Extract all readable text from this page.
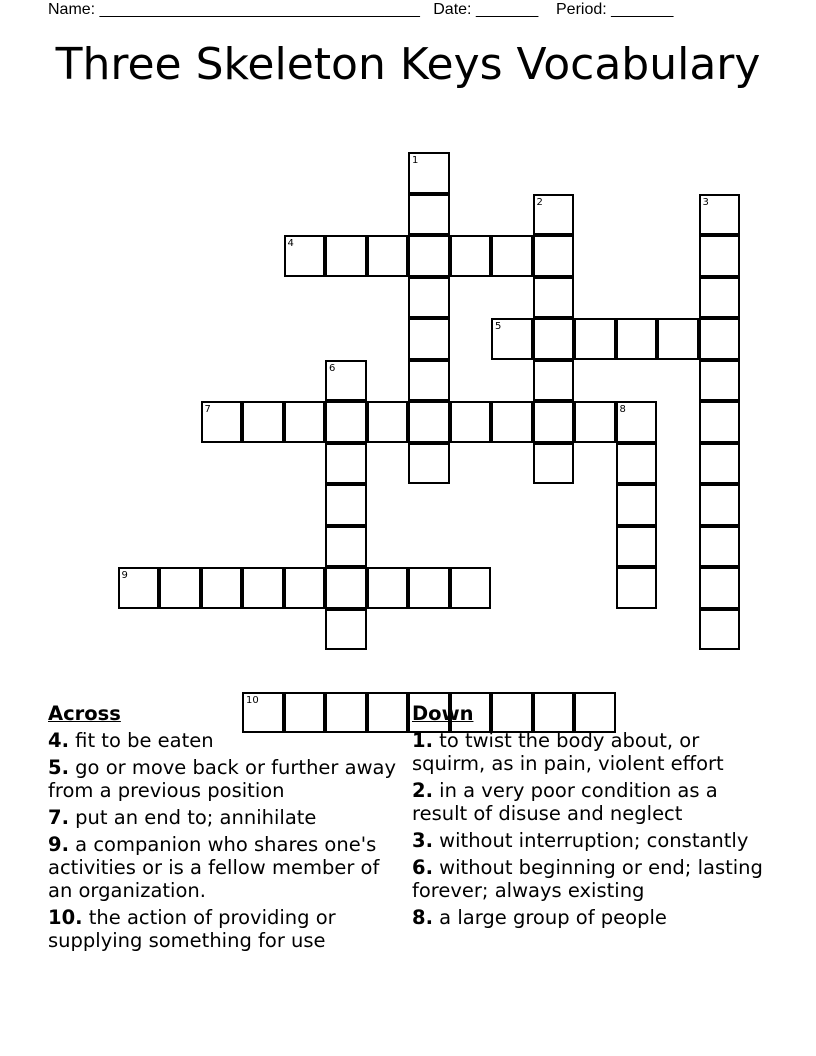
Name: ____________________________________   Date: _______    Period: _______
Three Skeleton Keys Vocabulary
1
2	3
4
5
6
7	8
9
10
Across
4. fit to be eaten
5. go or move back or further away from a previous position
7. put an end to; annihilate
9. a companion who shares one's activities or is a fellow member of an organization.
10. the action of providing or supplying something for use
Down
1. to twist the body about, or squirm, as in pain, violent effort
2. in a very poor condition as a result of disuse and neglect
3. without interruption; constantly
6. without beginning or end; lasting forever; always existing
8. a large group of people
